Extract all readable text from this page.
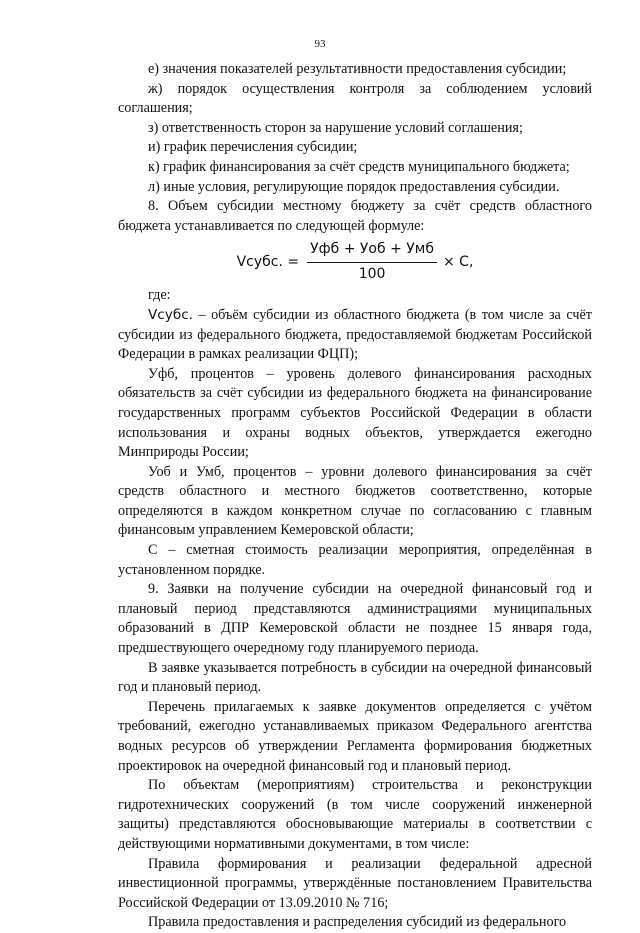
93

е) значения показателей результативности предоставления субсидии;

ж) порядок осуществления контроля за соблюдением условий соглашения;

з) ответственность сторон за нарушение условий соглашения;

и) график перечисления субсидии;

к) график финансирования за счёт средств муниципального бюджета;

л) иные условия, регулирующие порядок предоставления субсидии.

8. Объем субсидии местному бюджету за счёт средств областного бюджета устанавливается по следующей формуле:

Vсубс. = $\frac{\text{Уфб + Уоб + Умб}}{100} \times С$,

где:

Vсубс. – объём субсидии из областного бюджета (в том числе за счёт субсидии из федерального бюджета, предоставляемой бюджетам Российской Федерации в рамках реализации ФЦП);

Уфб, процентов – уровень долевого финансирования расходных обязательств за счёт субсидии из федерального бюджета на финансирование государственных программ субъектов Российской Федерации в области использования и охраны водных объектов, утверждается ежегодно Минприроды России;

Уоб и Умб, процентов – уровни долевого финансирования за счёт средств областного и местного бюджетов соответственно, которые определяются в каждом конкретном случае по согласованию с главным финансовым управлением Кемеровской области;

С – сметная стоимость реализации мероприятия, определённая в установленном порядке.

9. Заявки на получение субсидии на очередной финансовый год и плановый период представляются администрациями муниципальных образований в ДПР Кемеровской области не позднее 15 января года, предшествующего очередному году планируемого периода.

В заявке указывается потребность в субсидии на очередной финансовый год и плановый период.

Перечень прилагаемых к заявке документов определяется с учётом требований, ежегодно устанавливаемых приказом Федерального агентства водных ресурсов об утверждении Регламента формирования бюджетных проектировок на очередной финансовый год и плановый период.

По объектам (мероприятиям) строительства и реконструкции гидротехнических сооружений (в том числе сооружений инженерной защиты) представляются обосновывающие материалы в соответствии с действующими нормативными документами, в том числе:

Правила формирования и реализации федеральной адресной инвестиционной программы, утверждённые постановлением Правительства Российской Федерации от 13.09.2010 № 716;

Правила предоставления и распределения субсидий из федерального
